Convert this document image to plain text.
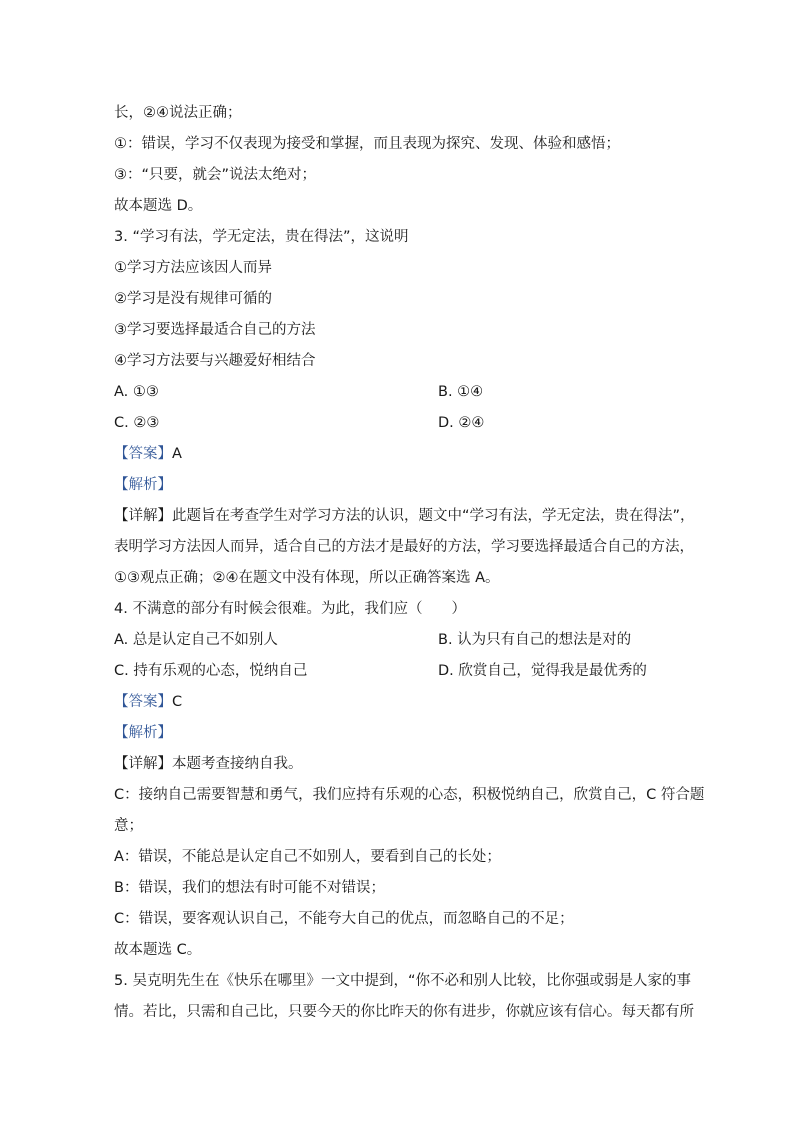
长，②④说法正确；
①：错误，学习不仅表现为接受和掌握，而且表现为探究、发现、体验和感悟；
③：“只要，就会”说法太绝对；
故本题选 D。
3. “学习有法，学无定法，贵在得法”，这说明
①学习方法应该因人而异
②学习是没有规律可循的
③学习要选择最适合自己的方法
④学习方法要与兴趣爱好相结合
A. ①③	B. ①④
C. ②③	D. ②④
【答案】A
【解析】
【详解】此题旨在考查学生对学习方法的认识，题文中“学习有法，学无定法，贵在得法”，
表明学习方法因人而异，适合自己的方法才是最好的方法，学习要选择最适合自己的方法，
①③观点正确；②④在题文中没有体现，所以正确答案选 A。
4. 不满意的部分有时候会很难。为此，我们应（　　）
A. 总是认定自己不如别人	B. 认为只有自己的想法是对的
C. 持有乐观的心态，悦纳自己	D. 欣赏自己，觉得我是最优秀的
【答案】C
【解析】
【详解】本题考查接纳自我。
C：接纳自己需要智慧和勇气，我们应持有乐观的心态，积极悦纳自己，欣赏自己，C 符合题
意；
A：错误，不能总是认定自己不如别人，要看到自己的长处；
B：错误，我们的想法有时可能不对错误；
C：错误，要客观认识自己，不能夸大自己的优点，而忽略自己的不足；
故本题选 C。
5. 吴克明先生在《快乐在哪里》一文中提到，“你不必和别人比较，比你强或弱是人家的事
情。若比，只需和自己比，只要今天的你比昨天的你有进步，你就应该有信心。每天都有所
